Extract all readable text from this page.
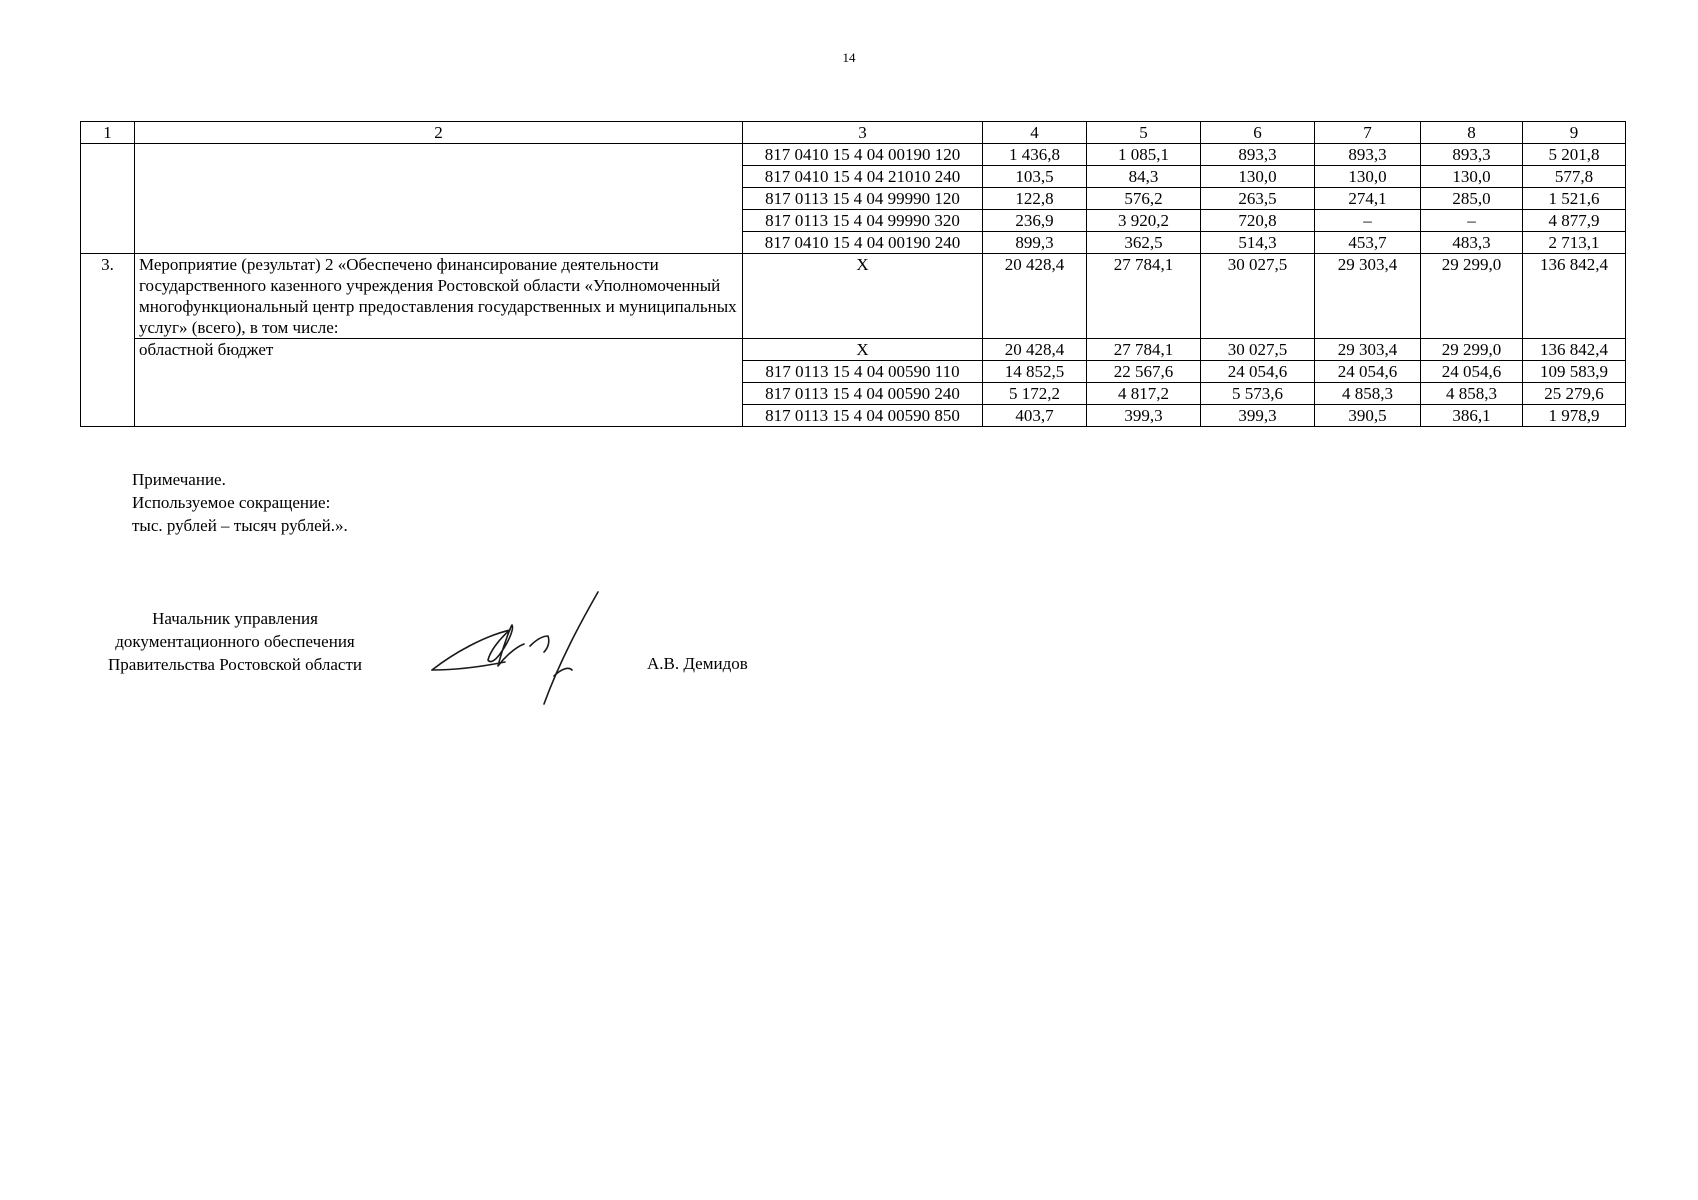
14
1	2	3	4	5	6	7	8	9
		817 0410 15 4 04 00190 120	1 436,8	1 085,1	893,3	893,3	893,3	5 201,8
		817 0410 15 4 04 21010 240	103,5	84,3	130,0	130,0	130,0	577,8
		817 0113 15 4 04 99990 120	122,8	576,2	263,5	274,1	285,0	1 521,6
		817 0113 15 4 04 99990 320	236,9	3 920,2	720,8	–	–	4 877,9
		817 0410 15 4 04 00190 240	899,3	362,5	514,3	453,7	483,3	2 713,1
3.	Мероприятие (результат) 2 «Обеспечено финансирование деятельности государственного казенного учреждения Ростовской области «Уполномоченный многофункциональный центр предоставления государственных и муниципальных услуг» (всего), в том числе:	X	20 428,4	27 784,1	30 027,5	29 303,4	29 299,0	136 842,4
	областной бюджет	X	20 428,4	27 784,1	30 027,5	29 303,4	29 299,0	136 842,4
		817 0113 15 4 04 00590 110	14 852,5	22 567,6	24 054,6	24 054,6	24 054,6	109 583,9
		817 0113 15 4 04 00590 240	5 172,2	4 817,2	5 573,6	4 858,3	4 858,3	25 279,6
		817 0113 15 4 04 00590 850	403,7	399,3	399,3	390,5	386,1	1 978,9
Примечание.
Используемое сокращение:
тыс. рублей – тысяч рублей.».
Начальник управления
документационного обеспечения
Правительства Ростовской области	А.В. Демидов
